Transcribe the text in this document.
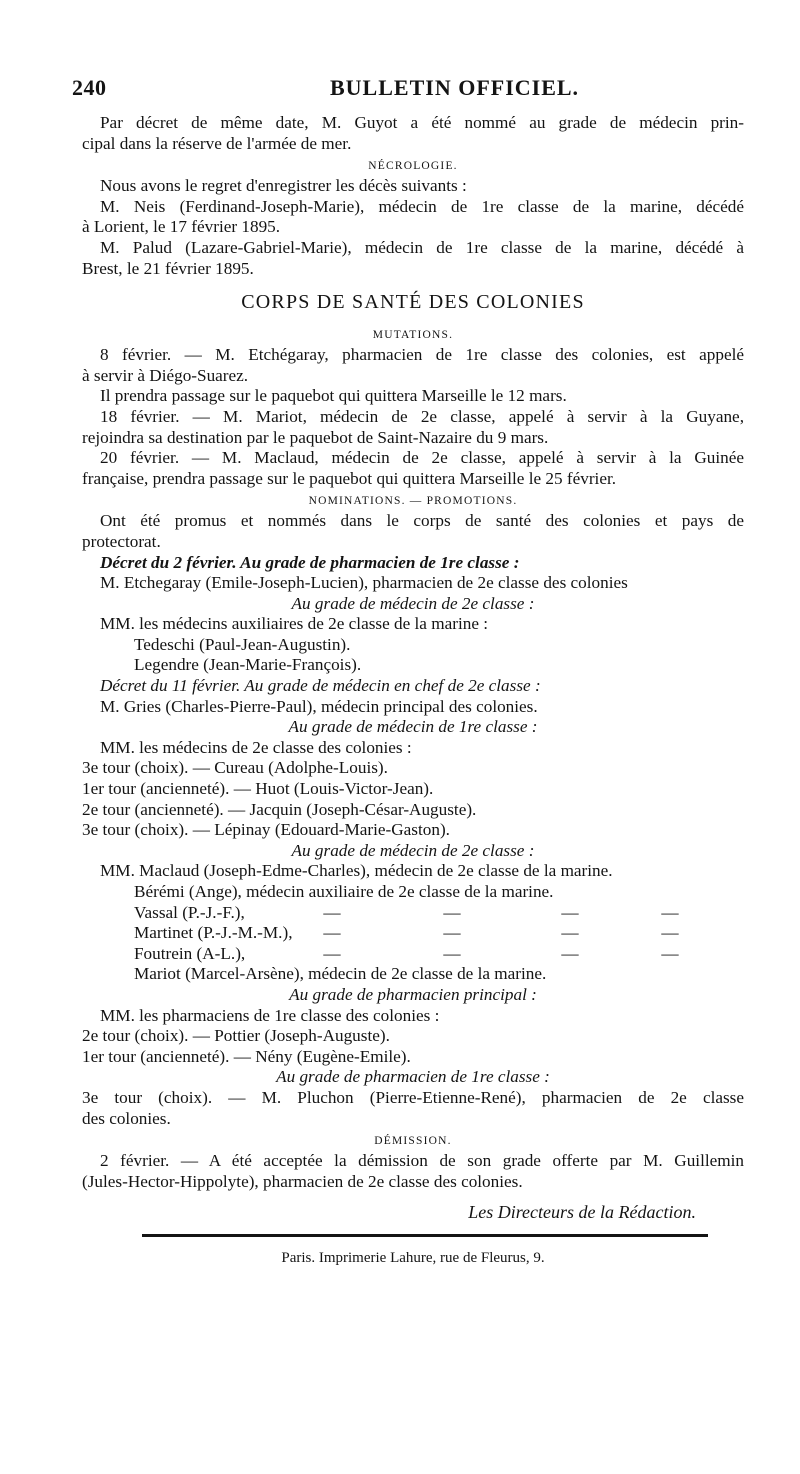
240	BULLETIN OFFICIEL.
Par décret de même date, M. Guyot a été nommé au grade de médecin prin-
cipal dans la réserve de l'armée de mer.
NÉCROLOGIE.
Nous avons le regret d'enregistrer les décès suivants :
M. Neis (Ferdinand-Joseph-Marie), médecin de 1re classe de la marine, décédé
à Lorient, le 17 février 1895.
M. Palud (Lazare-Gabriel-Marie), médecin de 1re classe de la marine, décédé à
Brest, le 21 février 1895.
CORPS DE SANTÉ DES COLONIES
MUTATIONS.
8 février. — M. Etchégaray, pharmacien de 1re classe des colonies, est appelé
à servir à Diégo-Suarez.
Il prendra passage sur le paquebot qui quittera Marseille le 12 mars.
18 février. — M. Mariot, médecin de 2e classe, appelé à servir à la Guyane,
rejoindra sa destination par le paquebot de Saint-Nazaire du 9 mars.
20 février. — M. Maclaud, médecin de 2e classe, appelé à servir à la Guinée
française, prendra passage sur le paquebot qui quittera Marseille le 25 février.
NOMINATIONS. — PROMOTIONS.
Ont été promus et nommés dans le corps de santé des colonies et pays de
protectorat.
Décret du 2 février. Au grade de pharmacien de 1re classe :
M. Etchegaray (Emile-Joseph-Lucien), pharmacien de 2e classe des colonies
Au grade de médecin de 2e classe :
MM. les médecins auxiliaires de 2e classe de la marine :
Tedeschi (Paul-Jean-Augustin).
Legendre (Jean-Marie-François).
Décret du 11 février. Au grade de médecin en chef de 2e classe :
M. Gries (Charles-Pierre-Paul), médecin principal des colonies.
Au grade de médecin de 1re classe :
MM. les médecins de 2e classe des colonies :
3e tour (choix). — Cureau (Adolphe-Louis).
1er tour (ancienneté). — Huot (Louis-Victor-Jean).
2e tour (ancienneté). — Jacquin (Joseph-César-Auguste).
3e tour (choix). — Lépinay (Edouard-Marie-Gaston).
Au grade de médecin de 2e classe :
MM. Maclaud (Joseph-Edme-Charles), médecin de 2e classe de la marine.
Bérémi (Ange), médecin auxiliaire de 2e classe de la marine.
Vassal (P.-J.-F.),	—	—	—	—
Martinet (P.-J.-M.-M.), —	—	—	—
Foutrein (A-L.),	—	—	—	—
Mariot (Marcel-Arsène), médecin de 2e classe de la marine.
Au grade de pharmacien principal :
MM. les pharmaciens de 1re classe des colonies :
2e tour (choix). — Pottier (Joseph-Auguste).
1er tour (ancienneté). — Nény (Eugène-Emile).
Au grade de pharmacien de 1re classe :
3e tour (choix). — M. Pluchon (Pierre-Etienne-René), pharmacien de 2e classe
des colonies.
DÉMISSION.
2 février. — A été acceptée la démission de son grade offerte par M. Guillemin
(Jules-Hector-Hippolyte), pharmacien de 2e classe des colonies.
Les Directeurs de la Rédaction.
Paris. Imprimerie Lahure, rue de Fleurus, 9.
